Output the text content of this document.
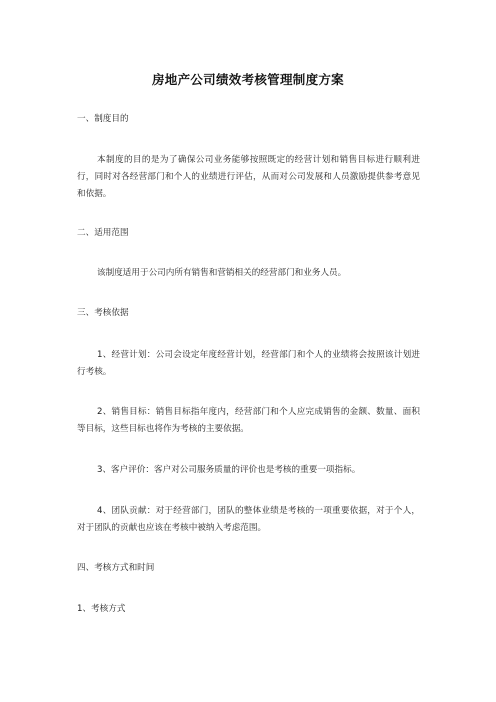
房地产公司绩效考核管理制度方案
一、制度目的
本制度的目的是为了确保公司业务能够按照既定的经营计划和销售目标进行顺利进行，同时对各经营部门和个人的业绩进行评估，从而对公司发展和人员激励提供参考意见和依据。
二、适用范围
该制度适用于公司内所有销售和营销相关的经营部门和业务人员。
三、考核依据
1、经营计划：公司会设定年度经营计划，经营部门和个人的业绩将会按照该计划进行考核。
2、销售目标：销售目标指年度内，经营部门和个人应完成销售的金额、数量、面积等目标，这些目标也将作为考核的主要依据。
3、客户评价：客户对公司服务质量的评价也是考核的重要一项指标。
4、团队贡献：对于经营部门，团队的整体业绩是考核的一项重要依据，对于个人，对于团队的贡献也应该在考核中被纳入考虑范围。
四、考核方式和时间
1、考核方式
